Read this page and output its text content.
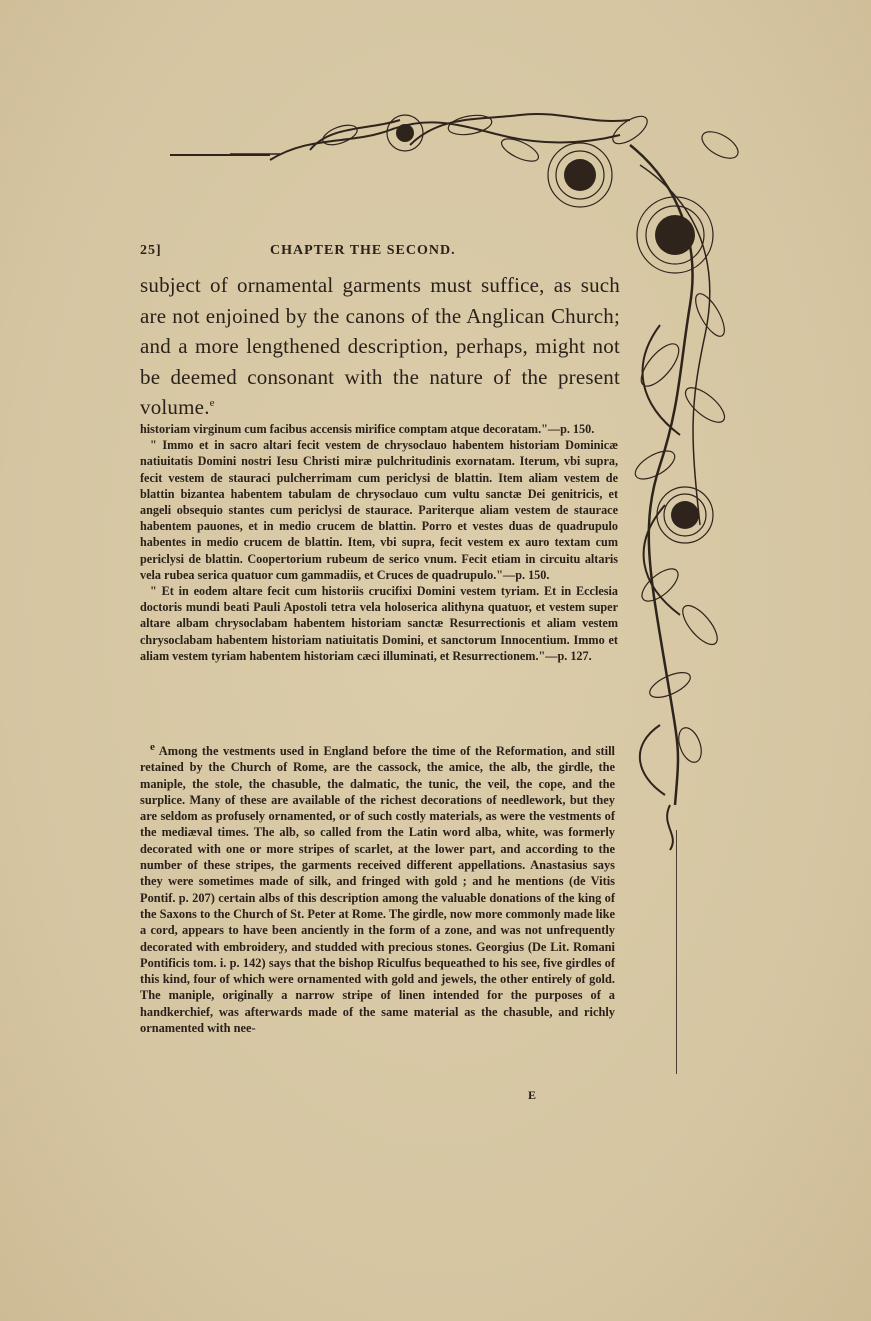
25]	CHAPTER THE SECOND.

subject of ornamental garments must suffice, as such are not enjoined by the canons of the Anglican Church; and a more lengthened description, perhaps, might not be deemed consonant with the nature of the present volume.$^e$

historiam virginum cum facibus accensis mirifice comptam atque decoratam."—p. 150.

" Immo et in sacro altari fecit vestem de chrysoclauo habentem historiam Dominicæ natiuitatis Domini nostri Iesu Christi miræ pulchritudinis exornatam. Iterum, vbi supra, fecit vestem de stauraci pulcherrimam cum periclysi de blattin. Item aliam vestem de blattin bizantea habentem tabulam de chrysoclauo cum vultu sanctæ Dei genitricis, et angeli obsequio stantes cum periclysi de staurace. Pariterque aliam vestem de staurace habentem pauones, et in medio crucem de blattin. Porro et vestes duas de quadrupulo habentes in medio crucem de blattin. Item, vbi supra, fecit vestem ex auro textam cum periclysi de blattin. Coopertorium rubeum de serico vnum. Fecit etiam in circuitu altaris vela rubea serica quatuor cum gammadiis, et Cruces de quadrupulo."—p. 150.

" Et in eodem altare fecit cum historiis crucifixi Domini vestem tyriam. Et in Ecclesia doctoris mundi beati Pauli Apostoli tetra vela holoserica alithyna quatuor, et vestem super altare albam chrysoclabam habentem historiam sanctæ Resurrectionis et aliam vestem chrysoclabam habentem historiam natiuitatis Domini, et sanctorum Innocentium. Immo et aliam vestem tyriam habentem historiam cæci illuminati, et Resurrectionem."—p. 127.

e Among the vestments used in England before the time of the Reformation, and still retained by the Church of Rome, are the cassock, the amice, the alb, the girdle, the maniple, the stole, the chasuble, the dalmatic, the tunic, the veil, the cope, and the surplice. Many of these are available of the richest decorations of needlework, but they are seldom as profusely ornamented, or of such costly materials, as were the vestments of the mediæval times. The alb, so called from the Latin word alba, white, was formerly decorated with one or more stripes of scarlet, at the lower part, and according to the number of these stripes, the garments received different appellations. Anastasius says they were sometimes made of silk, and fringed with gold ; and he mentions (de Vitis Pontif. p. 207) certain albs of this description among the valuable donations of the king of the Saxons to the Church of St. Peter at Rome. The girdle, now more commonly made like a cord, appears to have been anciently in the form of a zone, and was not unfrequently decorated with embroidery, and studded with precious stones. Georgius (De Lit. Romani Pontificis tom. i. p. 142) says that the bishop Riculfus bequeathed to his see, five girdles of this kind, four of which were ornamented with gold and jewels, the other entirely of gold. The maniple, originally a narrow stripe of linen intended for the purposes of a handkerchief, was afterwards made of the same material as the chasuble, and richly ornamented with nee-

E
